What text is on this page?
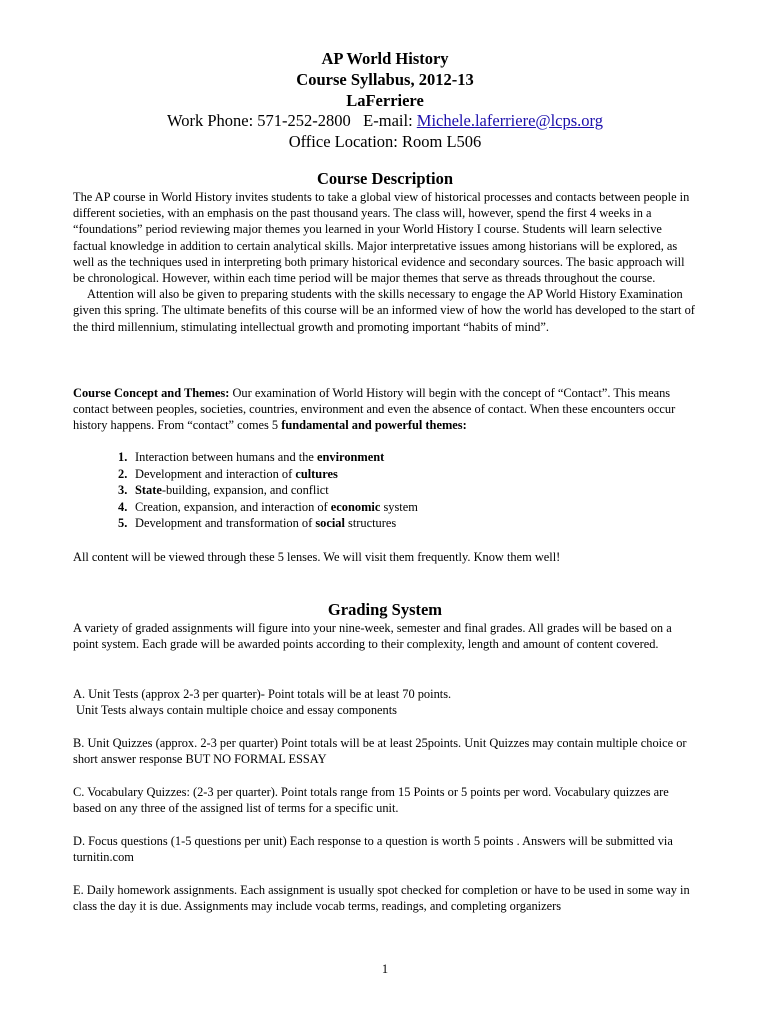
AP World History
Course Syllabus, 2012-13
LaFerriere
Work Phone: 571-252-2800 E-mail: Michele.laferriere@lcps.org
Office Location: Room L506
Course Description

The AP course in World History invites students to take a global view of historical processes and contacts between people in different societies, with an emphasis on the past thousand years. The class will, however, spend the first 4 weeks in a “foundations” period reviewing major themes you learned in your World History I course. Students will learn selective factual knowledge in addition to certain analytical skills. Major interpretative issues among historians will be explored, as well as the techniques used in interpreting both primary historical evidence and secondary sources. The basic approach will be chronological. However, within each time period will be major themes that serve as threads throughout the course.

Attention will also be given to preparing students with the skills necessary to engage the AP World History Examination given this spring. The ultimate benefits of this course will be an informed view of how the world has developed to the start of the third millennium, stimulating intellectual growth and promoting important “habits of mind”.

Course Concept and Themes: Our examination of World History will begin with the concept of “Contact”. This means contact between peoples, societies, countries, environment and even the absence of contact. When these encounters occur history happens. From “contact” comes 5 fundamental and powerful themes:

1. Interaction between humans and the environment
2. Development and interaction of cultures
3. State-building, expansion, and conflict
4. Creation, expansion, and interaction of economic system
5. Development and transformation of social structures

All content will be viewed through these 5 lenses. We will visit them frequently. Know them well!

Grading System

A variety of graded assignments will figure into your nine-week, semester and final grades. All grades will be based on a point system. Each grade will be awarded points according to their complexity, length and amount of content covered.

A. Unit Tests (approx 2-3 per quarter)- Point totals will be at least 70 points.

Unit Tests always contain multiple choice and essay components

B. Unit Quizzes (approx. 2-3 per quarter) Point totals will be at least 25points. Unit Quizzes may contain multiple choice or short answer response BUT NO FORMAL ESSAY

C. Vocabulary Quizzes: (2-3 per quarter). Point totals range from 15 Points or 5 points per word. Vocabulary quizzes are based on any three of the assigned list of terms for a specific unit.

D. Focus questions (1-5 questions per unit) Each response to a question is worth 5 points . Answers will be submitted via turnitin.com

E. Daily homework assignments. Each assignment is usually spot checked for completion or have to be used in some way in class the day it is due. Assignments may include vocab terms, readings, and completing organizers

1
